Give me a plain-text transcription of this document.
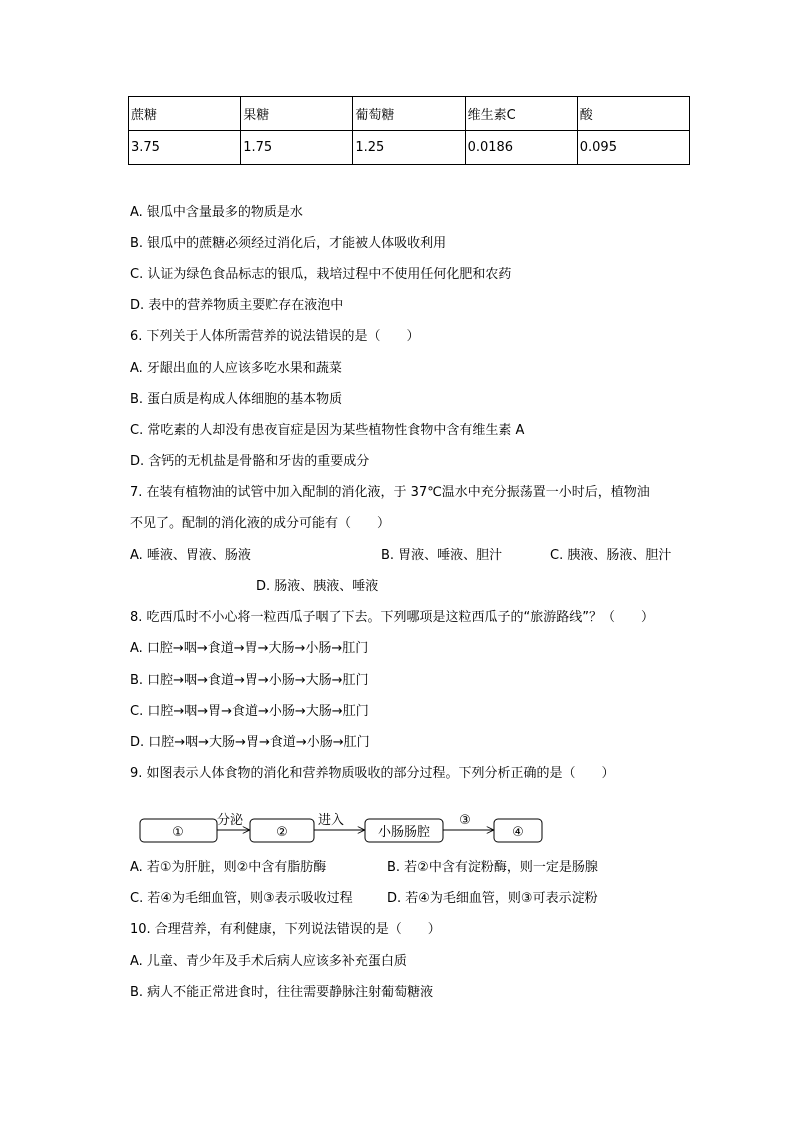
蔗糖	果糖	葡萄糖	维生素C	酸
3.75	1.75	1.25	0.0186	0.095
A. 银瓜中含量最多的物质是水
B. 银瓜中的蔗糖必须经过消化后，才能被人体吸收利用
C. 认证为绿色食品标志的银瓜，栽培过程中不使用任何化肥和农药
D. 表中的营养物质主要贮存在液泡中
6. 下列关于人体所需营养的说法错误的是（　　）
A. 牙龈出血的人应该多吃水果和蔬菜
B. 蛋白质是构成人体细胞的基本物质
C. 常吃素的人却没有患夜盲症是因为某些植物性食物中含有维生素 A
D. 含钙的无机盐是骨骼和牙齿的重要成分
7. 在装有植物油的试管中加入配制的消化液，于 37℃温水中充分振荡置一小时后，植物油
不见了。配制的消化液的成分可能有（　　）
A. 唾液、胃液、肠液	B. 胃液、唾液、胆汁	C. 胰液、肠液、胆汁
D. 肠液、胰液、唾液
8. 吃西瓜时不小心将一粒西瓜子咽了下去。下列哪项是这粒西瓜子的“旅游路线”？（　　）
A. 口腔→咽→食道→胃→大肠→小肠→肛门
B. 口腔→咽→食道→胃→小肠→大肠→肛门
C. 口腔→咽→胃→食道→小肠→大肠→肛门
D. 口腔→咽→大肠→胃→食道→小肠→肛门
9. 如图表示人体食物的消化和营养物质吸收的部分过程。下列分析正确的是（　　）
①
分泌
②
进入
小肠肠腔
③
④
A. 若①为肝脏，则②中含有脂肪酶	B. 若②中含有淀粉酶，则一定是肠腺
C. 若④为毛细血管，则③表示吸收过程	D. 若④为毛细血管，则③可表示淀粉
10. 合理营养，有利健康，下列说法错误的是（　　）
A. 儿童、青少年及手术后病人应该多补充蛋白质
B. 病人不能正常进食时，往往需要静脉注射葡萄糖液
